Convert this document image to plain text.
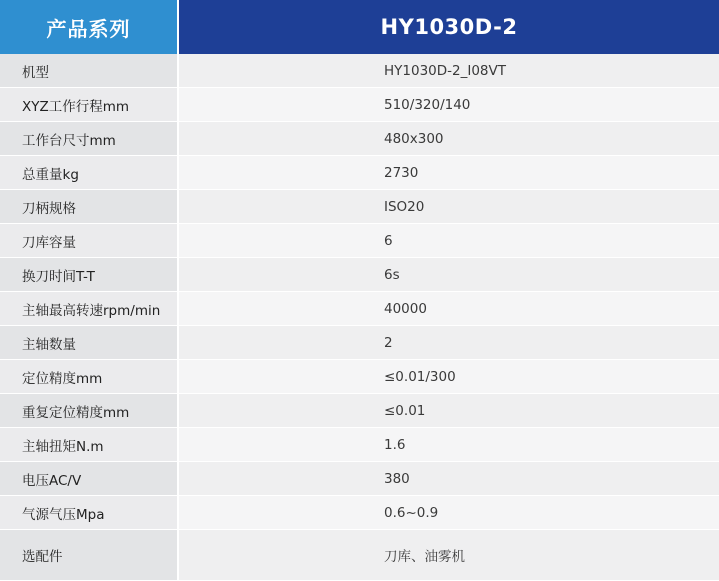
产品系列	HY1030D-2
机型	HY1030D-2_I08VT
XYZ工作行程mm	510/320/140
工作台尺寸mm	480x300
总重量kg	2730
刀柄规格	ISO20
刀库容量	6
换刀时间T-T	6s
主轴最高转速rpm/min	40000
主轴数量	2
定位精度mm	≤0.01/300
重复定位精度mm	≤0.01
主轴扭矩N.m	1.6
电压AC/V	380
气源气压Mpa	0.6~0.9
选配件	刀库、油雾机
